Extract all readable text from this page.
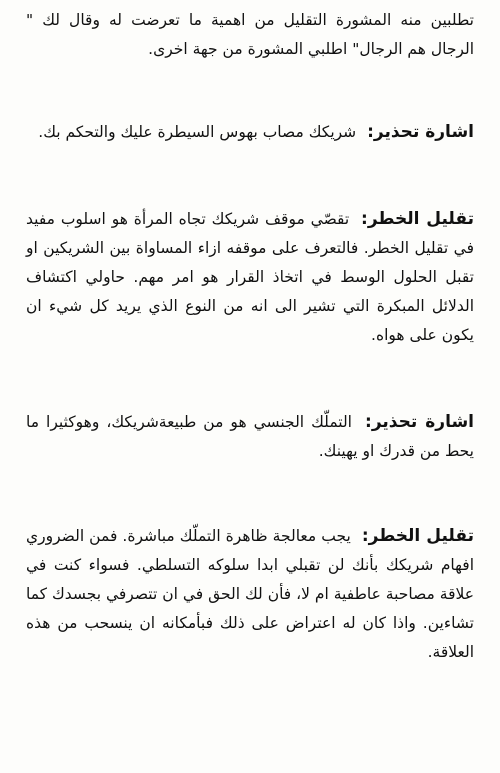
تطلبين منه المشورة التقليل من اهمية ما تعرضت له وقال لك " الرجال هم الرجال" اطلبي المشورة من جهة اخرى.

اشارة تحذير: شريكك مصاب بهوس السيطرة عليك والتحكم بك.

تقليل الخطر: تقصّي موقف شريكك تجاه المرأة هو اسلوب مفيد في تقليل الخطر. فالتعرف على موقفه ازاء المساواة بين الشريكين او تقبل الحلول الوسط في اتخاذ القرار هو امر مهم. حاولي اكتشاف الدلائل المبكرة التي تشير الى انه من النوع الذي يريد كل شيء ان يكون على هواه.

اشارة تحذير: التملّك الجنسي هو من طبيعةشريكك، وهوكثيرا ما يحط من قدرك او يهينك.

تقليل الخطر: يجب معالجة ظاهرة التملّك مباشرة. فمن الضروري افهام شريكك بأنك لن تقبلي ابدا سلوكه التسلطي. فسواء كنت في علاقة مصاحبة عاطفية ام لا، فأن لك الحق في ان تتصرفي بجسدك كما تشاءين. واذا كان له اعتراض على ذلك فبأمكانه ان ينسحب من هذه العلاقة.
